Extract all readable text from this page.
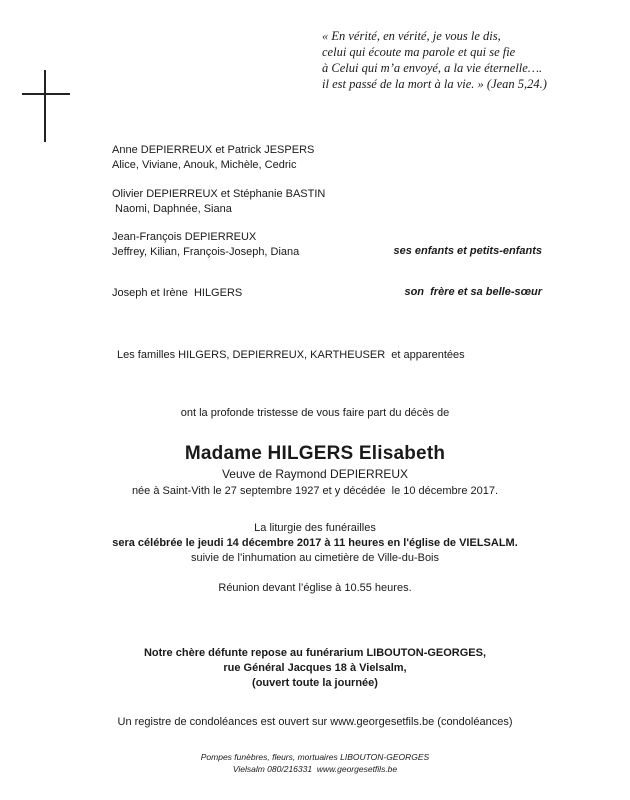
« En vérité, en vérité, je vous le dis,
celui qui écoute ma parole et qui se fie
à Celui qui m’a envoyé, a la vie éternelle….
il est passé de la mort à la vie. » (Jean 5,24.)
Anne DEPIERREUX et Patrick JESPERS
Alice, Viviane, Anouk, Michèle, Cedric
Olivier DEPIERREUX et Stéphanie BASTIN
Naomi, Daphnée, Siana
Jean-François DEPIERREUX
Jeffrey, Kilian, François-Joseph, Diana	ses enfants et petits-enfants
Joseph et Irène  HILGERS	son  frère et sa belle-sœur
Les familles HILGERS, DEPIERREUX, KARTHEUSER  et apparentées
ont la profonde tristesse de vous faire part du décès de
Madame HILGERS Elisabeth
Veuve de Raymond DEPIERREUX
née à Saint-Vith le 27 septembre 1927 et y décédée  le 10 décembre 2017.
La liturgie des funérailles
sera célébrée le jeudi 14 décembre 2017 à 11 heures en l'église de VIELSALM.
suivie de l’inhumation au cimetière de Ville-du-Bois
Réunion devant l’église à 10.55 heures.
Notre chère défunte repose au funérarium LIBOUTON-GEORGES,
rue Général Jacques 18 à Vielsalm,
(ouvert toute la journée)
Un registre de condoléances est ouvert sur www.georgesetfils.be (condoléances)
Pompes funèbres, fleurs, mortuaires LIBOUTON-GEORGES
Vielsalm 080/216331  www.georgesetfils.be
